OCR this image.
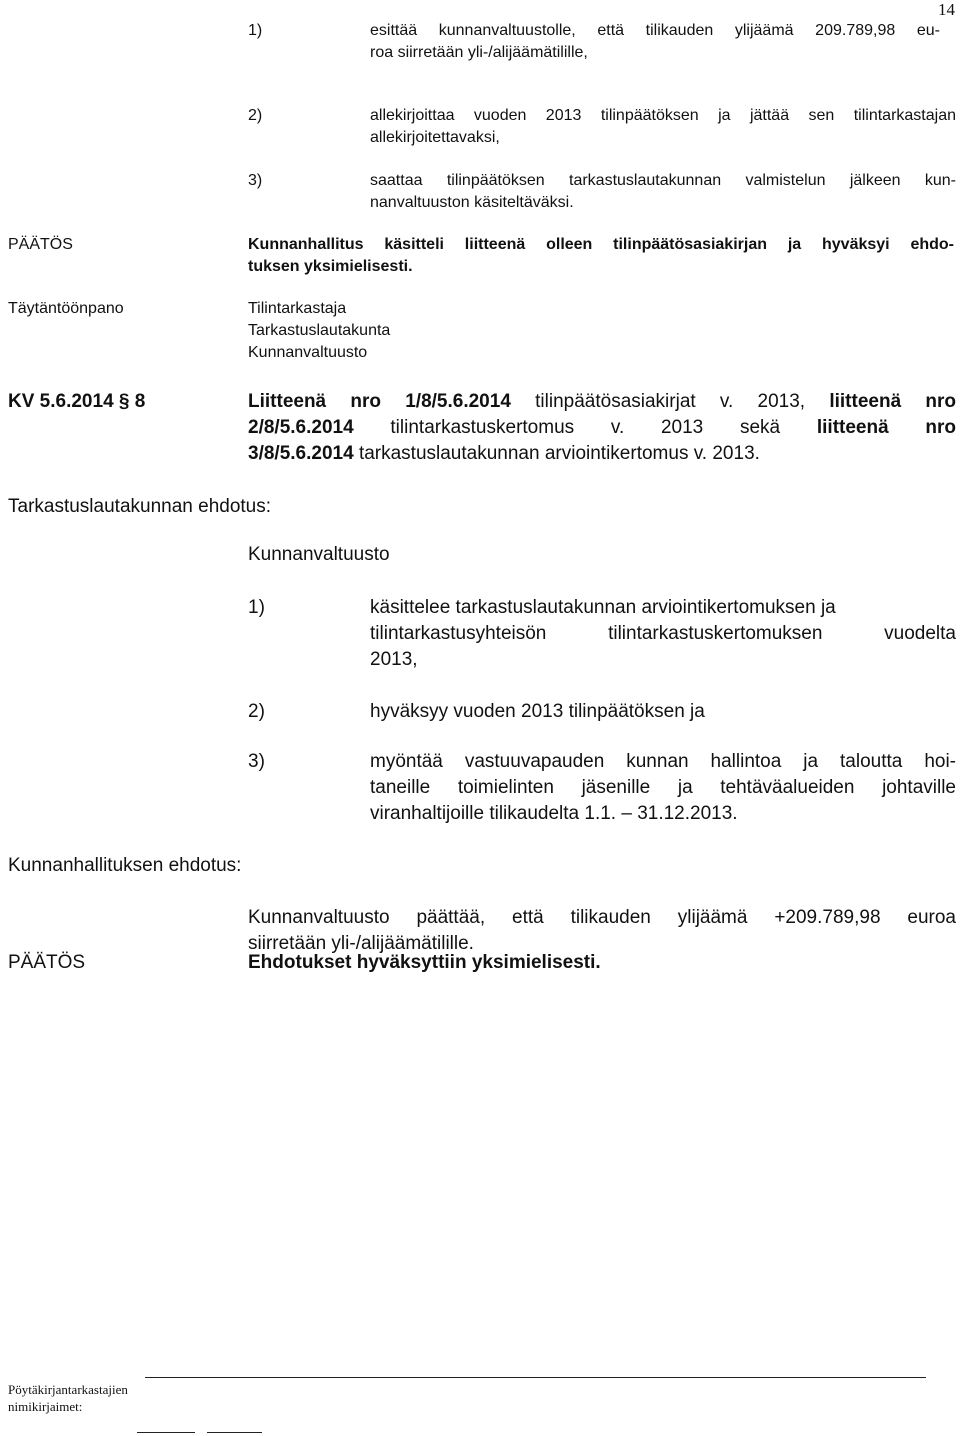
14
1)	esittää kunnanvaltuustolle, että tilikauden ylijäämä 209.789,98 eu-
roa siirretään yli-/alijäämätilille,
2)	allekirjoittaa vuoden 2013 tilinpäätöksen ja jättää sen tilintarkastajan
allekirjoitettavaksi,
3)	saattaa tilinpäätöksen tarkastuslautakunnan valmistelun jälkeen kun-
nanvaltuuston käsiteltäväksi.
PÄÄTÖS	Kunnanhallitus käsitteli liitteenä olleen tilinpäätösasiakirjan ja hyväksyi ehdo-
tuksen yksimielisesti.
Täytäntöönpano	Tilintarkastaja
Tarkastuslautakunta
Kunnanvaltuusto
KV 5.6.2014 § 8	Liitteenä nro 1/8/5.6.2014 tilinpäätösasiakirjat v. 2013, liitteenä nro
2/8/5.6.2014 tilintarkastuskertomus v. 2013 sekä liitteenä nro
3/8/5.6.2014 tarkastuslautakunnan arviointikertomus v. 2013.
Tarkastuslautakunnan ehdotus:
Kunnanvaltuusto
1)	käsittelee tarkastuslautakunnan arviointikertomuksen ja
tilintarkastusyhteisön tilintarkastuskertomuksen vuodelta
2013,
2)	hyväksyy vuoden 2013 tilinpäätöksen ja
3)	myöntää vastuuvapauden kunnan hallintoa ja taloutta hoi-
taneille toimielinten jäsenille ja tehtäväalueiden johtaville
viranhaltijoille tilikaudelta 1.1. – 31.12.2013.
Kunnanhallituksen ehdotus:
Kunnanvaltuusto päättää, että tilikauden ylijäämä +209.789,98 euroa
siirretään yli-/alijäämätilille.
PÄÄTÖS	Ehdotukset hyväksyttiin yksimielisesti.
Pöytäkirjantarkastajien
nimikirjaimet:
